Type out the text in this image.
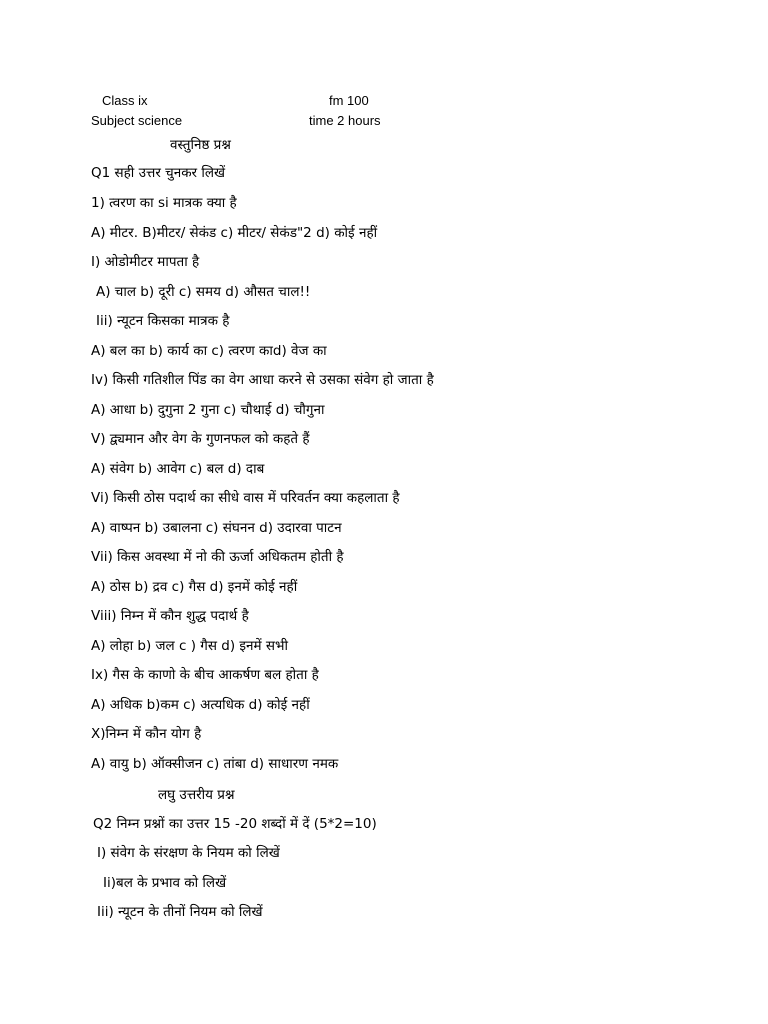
Class ix	fm 100
Subject science	time 2 hours
वस्तुनिष्ठ प्रश्न
Q1 सही उत्तर चुनकर लिखें
1) त्वरण का si मात्रक क्या है
A) मीटर. B)मीटर/ सेकंड c) मीटर/ सेकंड"2 d) कोई नहीं
I) ओडोमीटर मापता है
A) चाल b) दूरी c) समय d) औसत चाल!!
Iii) न्यूटन किसका मात्रक है
A) बल का b) कार्य का c) त्वरण काd) वेज का
Iv) किसी गतिशील पिंड का वेग आधा करने से उसका संवेग हो जाता है
A) आधा b) दुगुना 2 गुना c) चौथाई d) चौगुना
V) द्व्यमान और वेग के गुणनफल को कहते हैं
A) संवेग b) आवेग c) बल d) दाब
Vi) किसी ठोस पदार्थ का सीधे वास में परिवर्तन क्या कहलाता है
A) वाष्पन b) उबालना c) संघनन d) उदारवा पाटन
Vii) किस अवस्था में नो की ऊर्जा अधिकतम होती है
A) ठोस b) द्रव c) गैस d) इनमें कोई नहीं
Viii) निम्न में कौन शुद्ध पदार्थ है
A) लोहा b) जल c ) गैस d) इनमें सभी
Ix) गैस के काणो के बीच आकर्षण बल होता है
A) अधिक b)कम c) अत्यधिक d) कोई नहीं
X)निम्न में कौन योग है
A) वायु b) ऑक्सीजन c) तांबा d) साधारण नमक
लघु उत्तरीय प्रश्न
Q2 निम्न प्रश्नों का उत्तर 15 -20 शब्दों में दें (5*2=10)
I) संवेग के संरक्षण के नियम को लिखें
Ii)बल के प्रभाव को लिखें
Iii) न्यूटन के तीनों नियम को लिखें
